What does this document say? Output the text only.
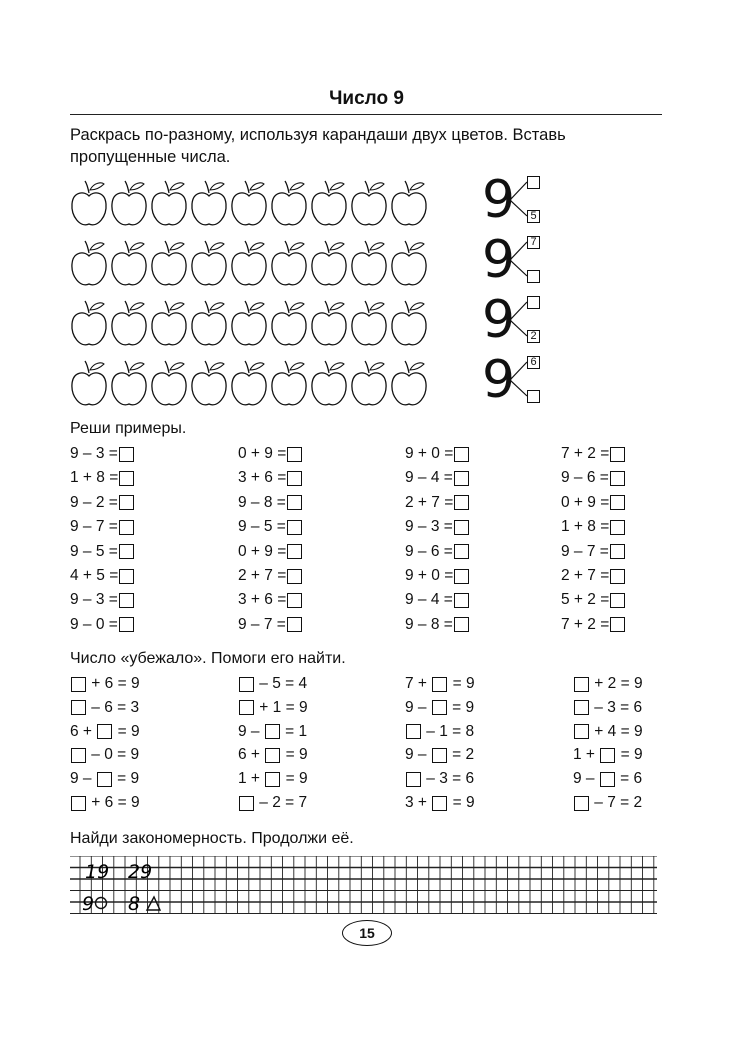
Число 9
Раскрась по-разному, используя карандаши двух цветов. Вставь
пропущенные числа.
9	5
9	7
9	2
9	6
Реши примеры.
9 – 3 =	0 + 9 =	9 + 0 =	7 + 2 =
1 + 8 =	3 + 6 =	9 – 4 =	9 – 6 =
9 – 2 =	9 – 8 =	2 + 7 =	0 + 9 =
9 – 7 =	9 – 5 =	9 – 3 =	1 + 8 =
9 – 5 =	0 + 9 =	9 – 6 =	9 – 7 =
4 + 5 =	2 + 7 =	9 + 0 =	2 + 7 =
9 – 3 =	3 + 6 =	9 – 4 =	5 + 2 =
9 – 0 =	9 – 7 =	9 – 8 =	7 + 2 =
Число «убежало». Помоги его найти.
+ 6 = 9	– 5 = 4	7 + = 9	+ 2 = 9
– 6 = 3	+ 1 = 9	9 – = 9	– 3 = 6
6 + = 9	9 – = 1	– 1 = 8	+ 4 = 9
– 0 = 9	6 + = 9	9 – = 2	1 + = 9
9 – = 9	1 + = 9	– 3 = 6	9 – = 6
+ 6 = 9	– 2 = 7	3 + = 9	– 7 = 2
Найди закономерность. Продолжи её.
19 29
9 8
15
